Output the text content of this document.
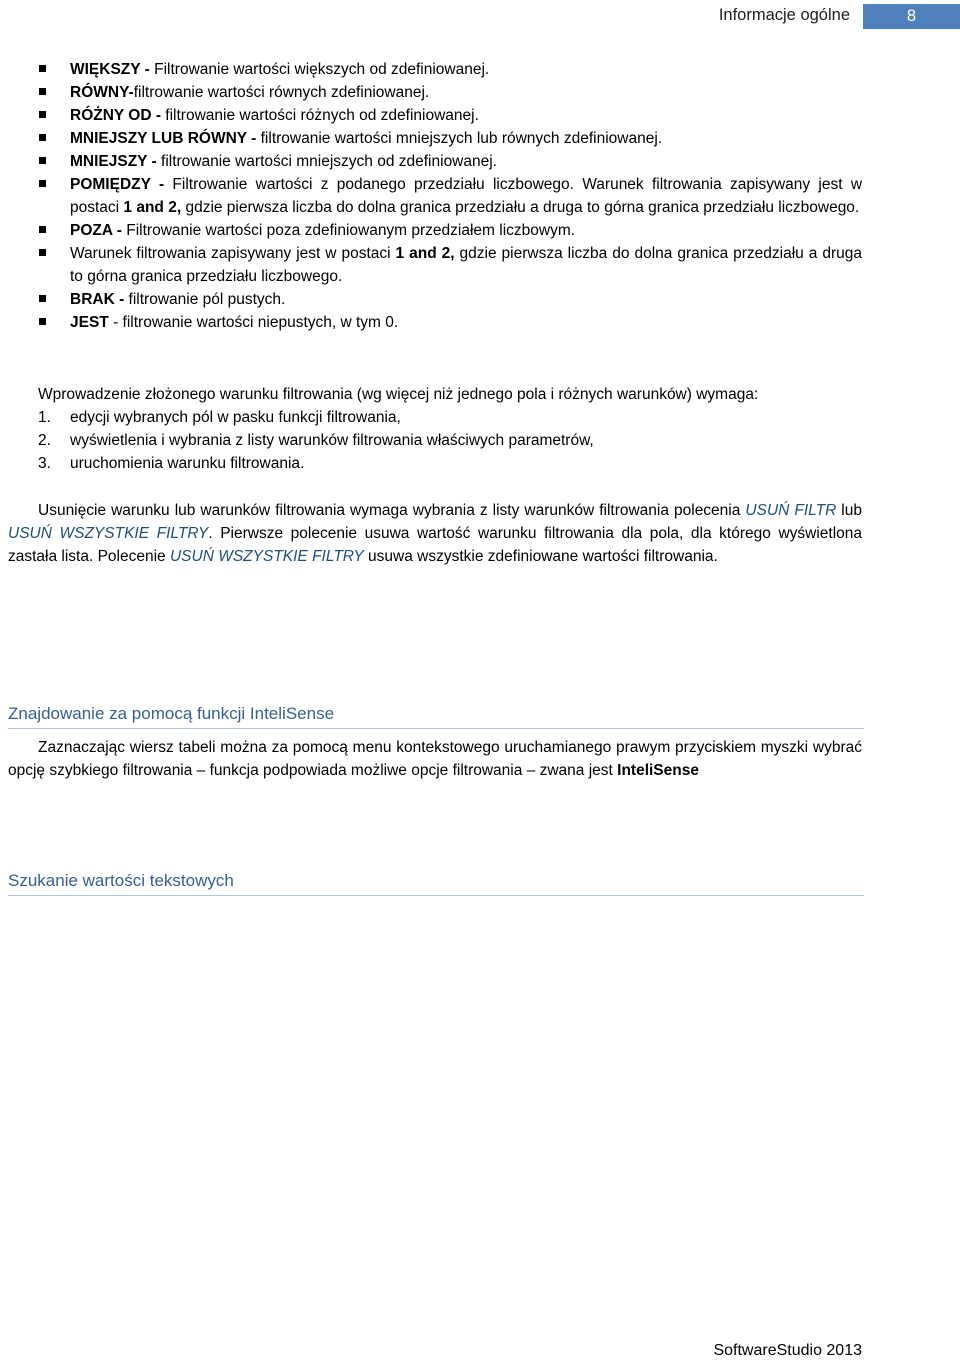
Informacje ogólne	8
WIĘKSZY - Filtrowanie wartości większych od zdefiniowanej.
RÓWNY-filtrowanie wartości równych zdefiniowanej.
RÓŻNY OD - filtrowanie wartości różnych od zdefiniowanej.
MNIEJSZY LUB RÓWNY - filtrowanie wartości mniejszych lub równych zdefiniowanej.
MNIEJSZY - filtrowanie wartości mniejszych od zdefiniowanej.
POMIĘDZY - Filtrowanie wartości z podanego przedziału liczbowego. Warunek filtrowania zapisywany jest w postaci 1 and 2, gdzie pierwsza liczba do dolna granica przedziału a druga to górna granica przedziału liczbowego.
POZA - Filtrowanie wartości poza zdefiniowanym przedziałem liczbowym.
Warunek filtrowania zapisywany jest w postaci 1 and 2, gdzie pierwsza liczba do dolna granica przedziału a druga to górna granica przedziału liczbowego.
BRAK - filtrowanie pól pustych.
JEST - filtrowanie wartości niepustych, w tym 0.

Wprowadzenie złożonego warunku filtrowania (wg więcej niż jednego pola i różnych warunków) wymaga:

1. edycji wybranych pól w pasku funkcji filtrowania,
2. wyświetlenia i wybrania z listy warunków filtrowania właściwych parametrów,
3. uruchomienia warunku filtrowania.

Usunięcie warunku lub warunków filtrowania wymaga wybrania z listy warunków filtrowania polecenia USUŃ FILTR lub USUŃ WSZYSTKIE FILTRY. Pierwsze polecenie usuwa wartość warunku filtrowania dla pola, dla którego wyświetlona zastała lista. Polecenie USUŃ WSZYSTKIE FILTRY usuwa wszystkie zdefiniowane wartości filtrowania.

Znajdowanie za pomocą funkcji InteliSense

Zaznaczając wiersz tabeli można za pomocą menu kontekstowego uruchamianego prawym przyciskiem myszki wybrać opcję szybkiego filtrowania – funkcja podpowiada możliwe opcje filtrowania – zwana jest InteliSense

Szukanie wartości tekstowych
SoftwareStudio 2013
